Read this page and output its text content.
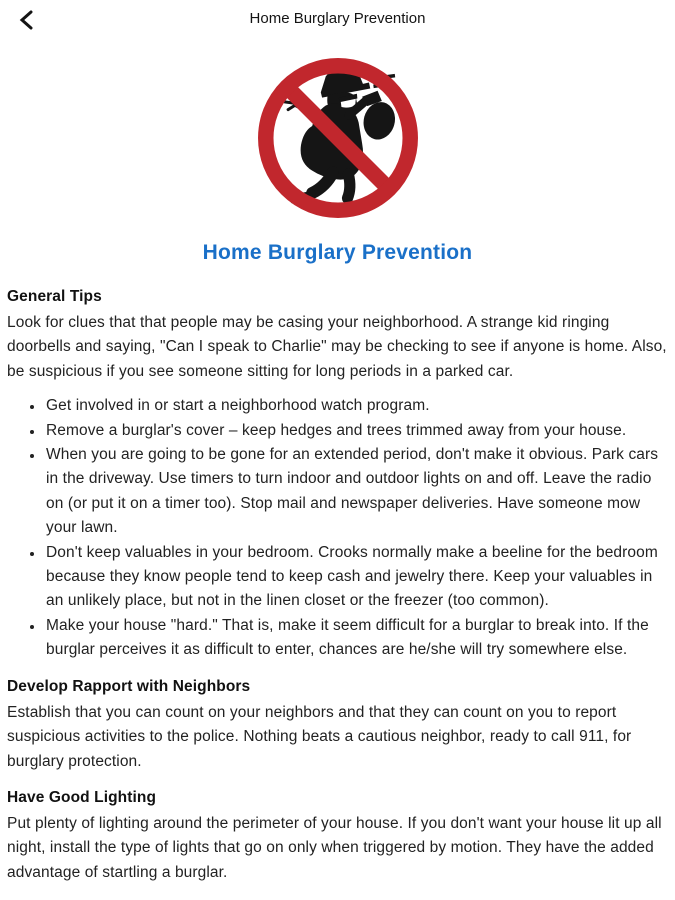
Home Burglary Prevention
Home Burglary Prevention
General Tips

Look for clues that that people may be casing your neighborhood. A strange kid ringing doorbells and saying, "Can I speak to Charlie" may be checking to see if anyone is home. Also, be suspicious if you see someone sitting for long periods in a parked car.

• Get involved in or start a neighborhood watch program.
• Remove a burglar's cover – keep hedges and trees trimmed away from your house.
• When you are going to be gone for an extended period, don't make it obvious. Park cars in the driveway. Use timers to turn indoor and outdoor lights on and off. Leave the radio on (or put it on a timer too). Stop mail and newspaper deliveries. Have someone mow your lawn.
• Don't keep valuables in your bedroom. Crooks normally make a beeline for the bedroom because they know people tend to keep cash and jewelry there. Keep your valuables in an unlikely place, but not in the linen closet or the freezer (too common).
• Make your house "hard." That is, make it seem difficult for a burglar to break into. If the burglar perceives it as difficult to enter, chances are he/she will try somewhere else.
Develop Rapport with Neighbors

Establish that you can count on your neighbors and that they can count on you to report suspicious activities to the police. Nothing beats a cautious neighbor, ready to call 911, for burglary protection.

Have Good Lighting

Put plenty of lighting around the perimeter of your house. If you don't want your house lit up all night, install the type of lights that go on only when triggered by motion. They have the added advantage of startling a burglar.
